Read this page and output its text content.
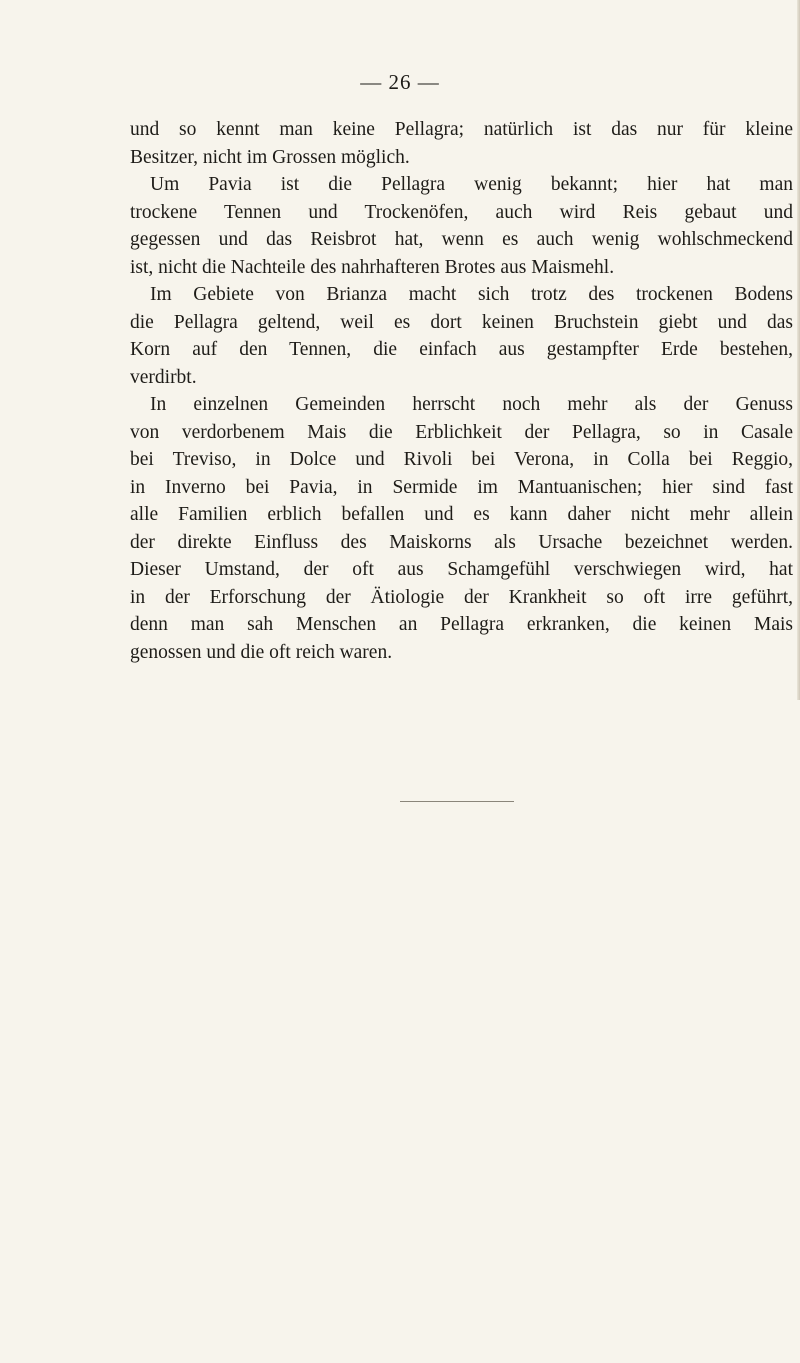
— 26 —
und so kennt man keine Pellagra; natürlich ist das nur für kleine
Besitzer, nicht im Grossen möglich.
Um Pavia ist die Pellagra wenig bekannt; hier hat man
trockene Tennen und Trockenöfen, auch wird Reis gebaut und
gegessen und das Reisbrot hat, wenn es auch wenig wohlschmeckend
ist, nicht die Nachteile des nahrhafteren Brotes aus Maismehl.
Im Gebiete von Brianza macht sich trotz des trockenen Bodens
die Pellagra geltend, weil es dort keinen Bruchstein giebt und das
Korn auf den Tennen, die einfach aus gestampfter Erde bestehen,
verdirbt.
In einzelnen Gemeinden herrscht noch mehr als der Genuss
von verdorbenem Mais die Erblichkeit der Pellagra, so in Casale
bei Treviso, in Dolce und Rivoli bei Verona, in Colla bei Reggio,
in Inverno bei Pavia, in Sermide im Mantuanischen; hier sind fast
alle Familien erblich befallen und es kann daher nicht mehr allein
der direkte Einfluss des Maiskorns als Ursache bezeichnet werden.
Dieser Umstand, der oft aus Schamgefühl verschwiegen wird, hat
in der Erforschung der Ätiologie der Krankheit so oft irre geführt,
denn man sah Menschen an Pellagra erkranken, die keinen Mais
genossen und die oft reich waren.
